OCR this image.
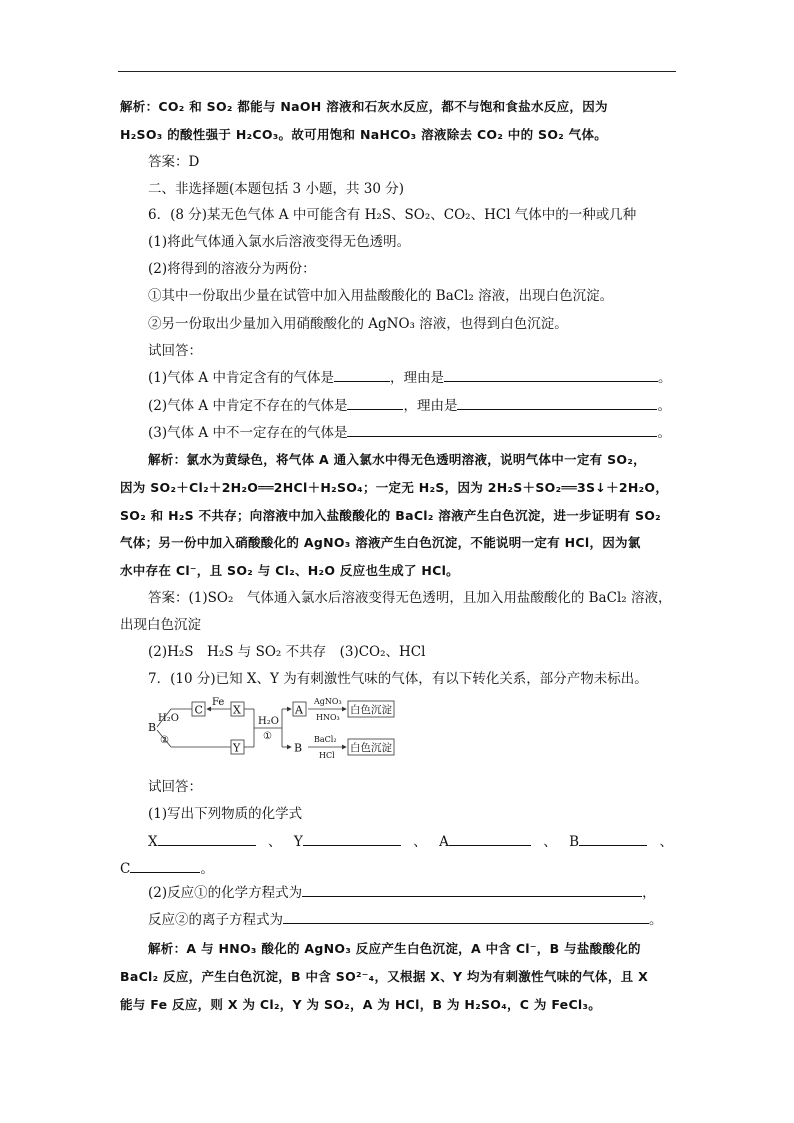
解析：CO₂ 和 SO₂ 都能与 NaOH 溶液和石灰水反应，都不与饱和食盐水反应，因为
H₂SO₃ 的酸性强于 H₂CO₃。故可用饱和 NaHCO₃ 溶液除去 CO₂ 中的 SO₂ 气体。
答案：D
二、非选择题(本题包括 3 小题，共 30 分)
6．(8 分)某无色气体 A 中可能含有 H₂S、SO₂、CO₂、HCl 气体中的一种或几种
(1)将此气体通入氯水后溶液变得无色透明。
(2)将得到的溶液分为两份：
①其中一份取出少量在试管中加入用盐酸酸化的 BaCl₂ 溶液，出现白色沉淀。
②另一份取出少量加入用硝酸酸化的 AgNO₃ 溶液，也得到白色沉淀。
试回答：
(1)气体 A 中肯定含有的气体是	，理由是	。
(2)气体 A 中肯定不存在的气体是	，理由是	。
(3)气体 A 中不一定存在的气体是	。
解析：氯水为黄绿色，将气体 A 通入氯水中得无色透明溶液，说明气体中一定有 SO₂，
因为 SO₂＋Cl₂＋2H₂O══2HCl＋H₂SO₄；一定无 H₂S，因为 2H₂S＋SO₂══3S↓＋2H₂O，
SO₂ 和 H₂S 不共存；向溶液中加入盐酸酸化的 BaCl₂ 溶液产生白色沉淀，进一步证明有 SO₂
气体；另一份中加入硝酸酸化的 AgNO₃ 溶液产生白色沉淀，不能说明一定有 HCl，因为氯
水中存在 Cl⁻，且 SO₂ 与 Cl₂、H₂O 反应也生成了 HCl。
答案：(1)SO₂　气体通入氯水后溶液变得无色透明，且加入用盐酸酸化的 BaCl₂ 溶液，
出现白色沉淀
(2)H₂S　H₂S 与 SO₂ 不共存　(3)CO₂、HCl
7．(10 分)已知 X、Y 为有刺激性气味的气体，有以下转化关系，部分产物未标出。
B
H₂O
②
C
Fe
X
Y
H₂O
①
A
B
AgNO₃
HNO₃
BaCl₂
HCl
白色沉淀
白色沉淀
试回答：
(1)写出下列物质的化学式
X	、 Y	、 A	、 B	、
C	。
(2)反应①的化学方程式为	，
反应②的离子方程式为	。
解析：A 与 HNO₃ 酸化的 AgNO₃ 反应产生白色沉淀，A 中含 Cl⁻，B 与盐酸酸化的
BaCl₂ 反应，产生白色沉淀，B 中含 SO²⁻₄，又根据 X、Y 均为有刺激性气味的气体，且 X
能与 Fe 反应，则 X 为 Cl₂，Y 为 SO₂，A 为 HCl，B 为 H₂SO₄，C 为 FeCl₃。
